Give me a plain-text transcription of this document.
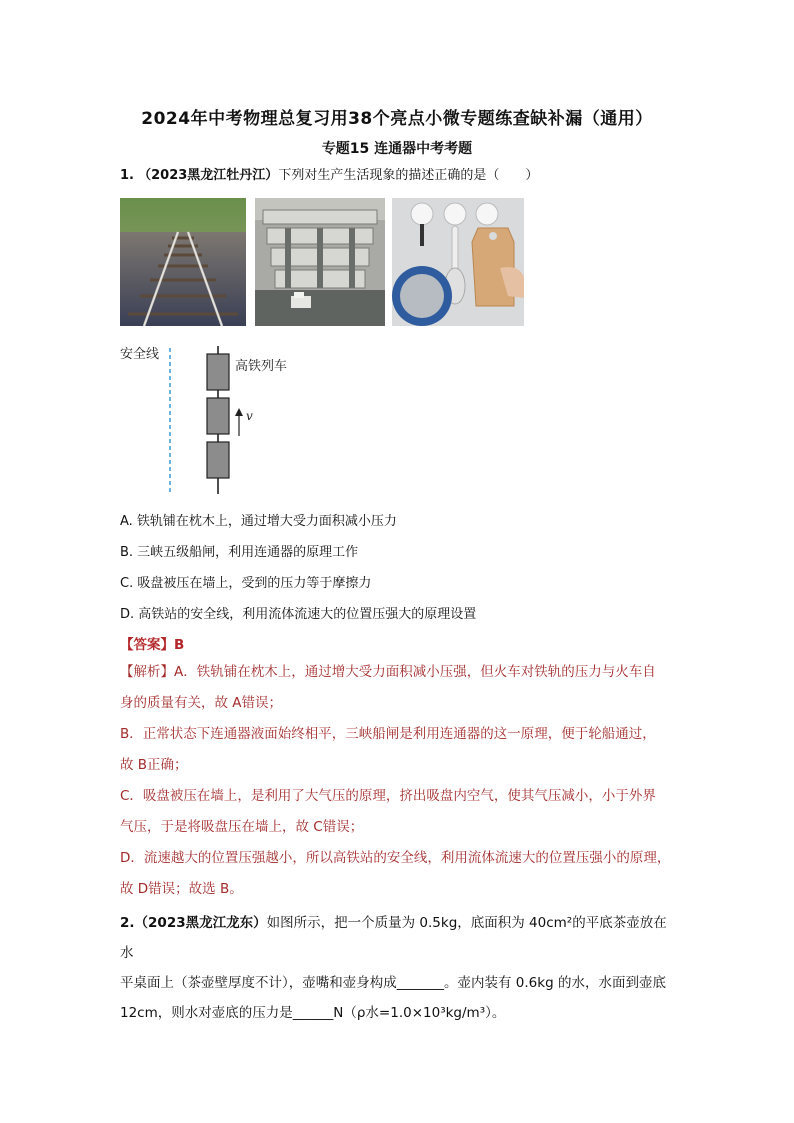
2024年中考物理总复习用38个亮点小微专题练查缺补漏（通用）
专题15 连通器中考考题
1. （2023黑龙江牡丹江）下列对生产生活现象的描述正确的是（　　）
安全线
高铁列车
v
A. 铁轨铺在枕木上，通过增大受力面积减小压力
B. 三峡五级船闸，利用连通器的原理工作
C. 吸盘被压在墙上，受到的压力等于摩擦力
D. 高铁站的安全线，利用流体流速大的位置压强大的原理设置
【答案】B
【解析】A．铁轨铺在枕木上，通过增大受力面积减小压强，但火车对铁轨的压力与火车自
身的质量有关，故 A错误；
B．正常状态下连通器液面始终相平，三峡船闸是利用连通器的这一原理，便于轮船通过，
故 B正确；
C．吸盘被压在墙上，是利用了大气压的原理，挤出吸盘内空气，使其气压减小，小于外界
气压，于是将吸盘压在墙上，故 C错误；
D．流速越大的位置压强越小，所以高铁站的安全线，利用流体流速大的位置压强小的原理，
故 D错误；故选 B。
2.（2023黑龙江龙东）如图所示，把一个质量为 0.5kg，底面积为 40cm²的平底茶壶放在水
平桌面上（茶壶壁厚度不计），壶嘴和壶身构成_______。壶内装有 0.6kg 的水，水面到壶底
12cm，则水对壶底的压力是______N（ρ水=1.0×10³kg/m³）。
